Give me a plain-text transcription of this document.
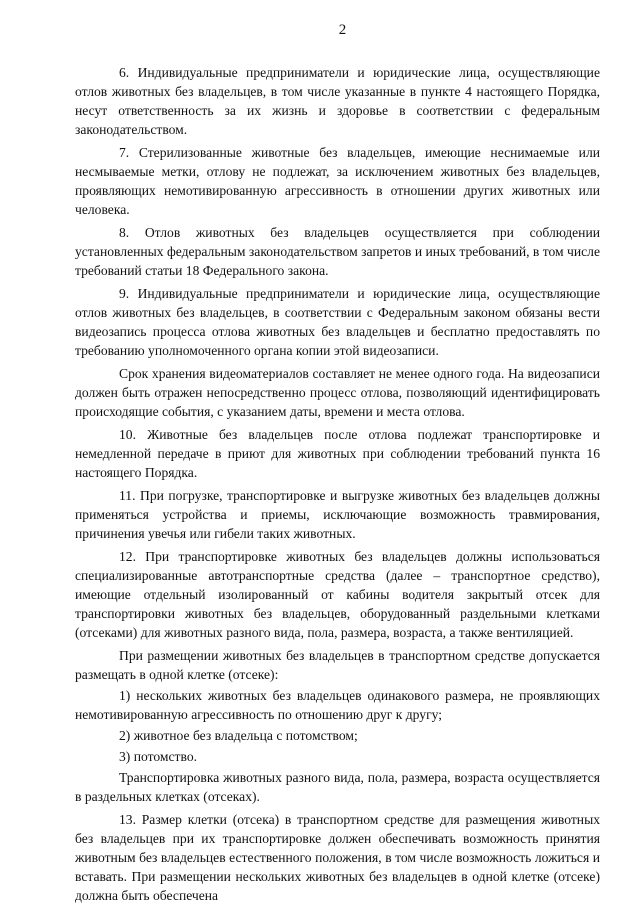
2

6. Индивидуальные предприниматели и юридические лица, осуществляющие отлов животных без владельцев, в том числе указанные в пункте 4 настоящего Порядка, несут ответственность за их жизнь и здоровье в соответствии с федеральным законодательством.

7. Стерилизованные животные без владельцев, имеющие неснимаемые или несмываемые метки, отлову не подлежат, за исключением животных без владельцев, проявляющих немотивированную агрессивность в отношении других животных или человека.

8. Отлов животных без владельцев осуществляется при соблюдении установленных федеральным законодательством запретов и иных требований, в том числе требований статьи 18 Федерального закона.

9. Индивидуальные предприниматели и юридические лица, осуществляющие отлов животных без владельцев, в соответствии с Федеральным законом обязаны вести видеозапись процесса отлова животных без владельцев и бесплатно предоставлять по требованию уполномоченного органа копии этой видеозаписи.

Срок хранения видеоматериалов составляет не менее одного года. На видеозаписи должен быть отражен непосредственно процесс отлова, позволяющий идентифицировать происходящие события, с указанием даты, времени и места отлова.

10. Животные без владельцев после отлова подлежат транспортировке и немедленной передаче в приют для животных при соблюдении требований пункта 16 настоящего Порядка.

11. При погрузке, транспортировке и выгрузке животных без владельцев должны применяться устройства и приемы, исключающие возможность травмирования, причинения увечья или гибели таких животных.

12. При транспортировке животных без владельцев должны использоваться специализированные автотранспортные средства (далее – транспортное средство), имеющие отдельный изолированный от кабины водителя закрытый отсек для транспортировки животных без владельцев, оборудованный раздельными клетками (отсеками) для животных разного вида, пола, размера, возраста, а также вентиляцией.

При размещении животных без владельцев в транспортном средстве допускается размещать в одной клетке (отсеке):

1) нескольких животных без владельцев одинакового размера, не проявляющих немотивированную агрессивность по отношению друг к другу;

2) животное без владельца с потомством;

3) потомство.

Транспортировка животных разного вида, пола, размера, возраста осуществляется в раздельных клетках (отсеках).

13. Размер клетки (отсека) в транспортном средстве для размещения животных без владельцев при их транспортировке должен обеспечивать возможность принятия животным без владельцев естественного положения, в том числе возможность ложиться и вставать. При размещении нескольких животных без владельцев в одной клетке (отсеке) должна быть обеспечена
